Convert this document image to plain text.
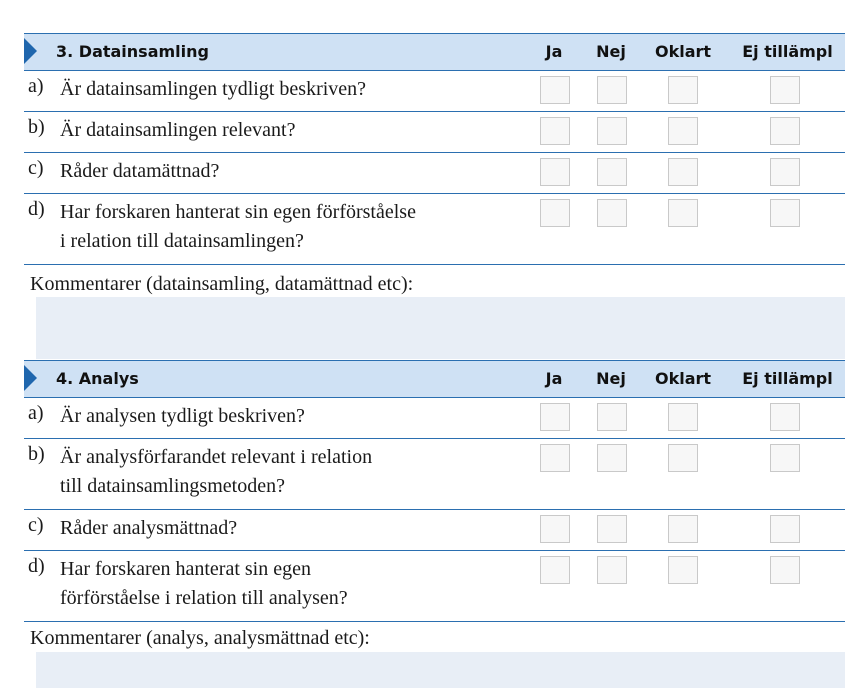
3. Datainsamling	Ja	Nej	Oklart	Ej tillämpl
a) Är datainsamlingen tydligt beskriven?
b) Är datainsamlingen relevant?
c) Råder datamättnad?
d) Har forskaren hanterat sin egen förförståelse
i relation till datainsamlingen?
Kommentarer (datainsamling, datamättnad etc):
4. Analys	Ja	Nej	Oklart	Ej tillämpl
a) Är analysen tydligt beskriven?
b) Är analysförfarandet relevant i relation
till datainsamlingsmetoden?
c) Råder analysmättnad?
d) Har forskaren hanterat sin egen
förförståelse i relation till analysen?
Kommentarer (analys, analysmättnad etc):
